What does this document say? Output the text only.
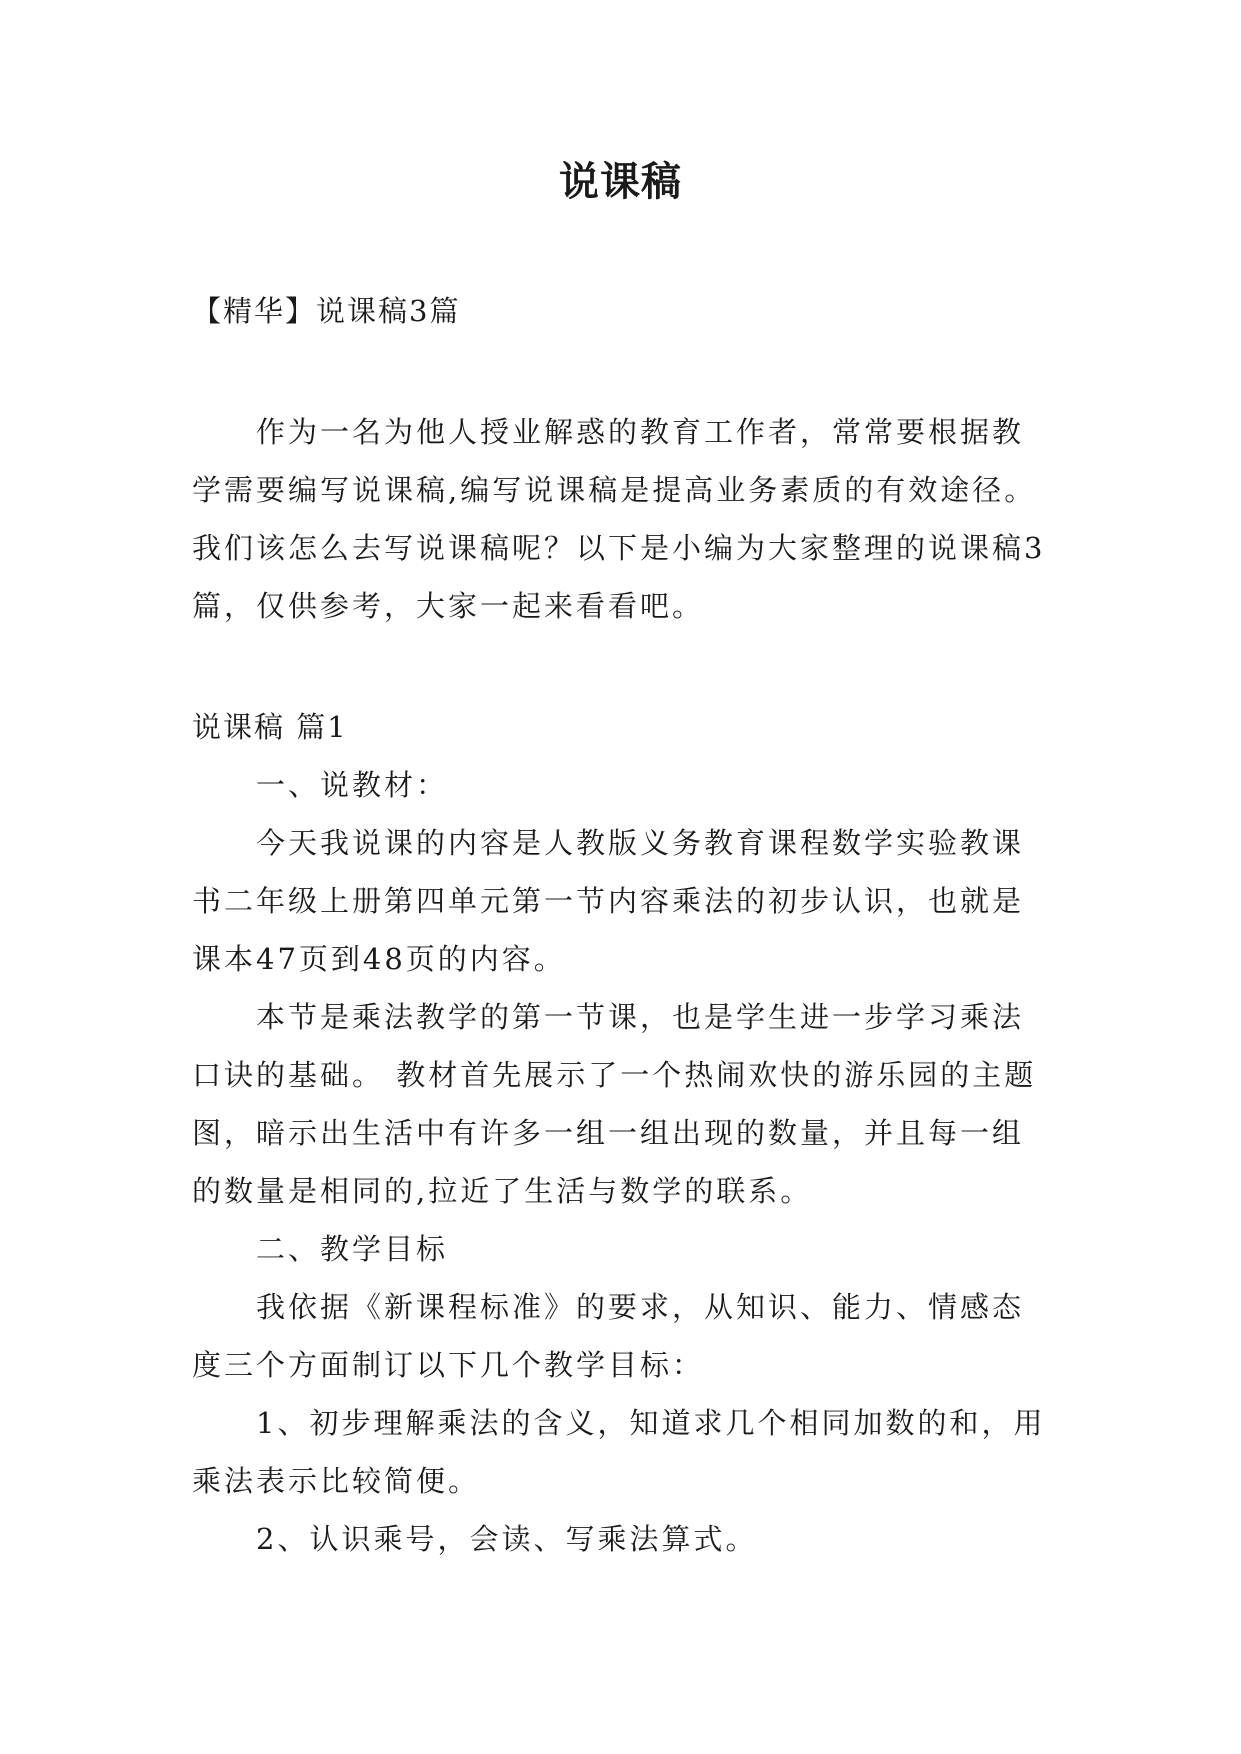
说课稿
【精华】说课稿3篇

作为一名为他人授业解惑的教育工作者，常常要根据教学需要编写说课稿,编写说课稿是提高业务素质的有效途径。我们该怎么去写说课稿呢？以下是小编为大家整理的说课稿3篇，仅供参考，大家一起来看看吧。

说课稿 篇1

一、说教材：

今天我说课的内容是人教版义务教育课程数学实验教课书二年级上册第四单元第一节内容乘法的初步认识，也就是课本47页到48页的内容。

本节是乘法教学的第一节课，也是学生进一步学习乘法口诀的基础。 教材首先展示了一个热闹欢快的游乐园的主题图，暗示出生活中有许多一组一组出现的数量，并且每一组的数量是相同的,拉近了生活与数学的联系。

二、教学目标

我依据《新课程标准》的要求，从知识、能力、情感态度三个方面制订以下几个教学目标：

1、初步理解乘法的含义，知道求几个相同加数的和，用乘法表示比较简便。

2、认识乘号，会读、写乘法算式。
